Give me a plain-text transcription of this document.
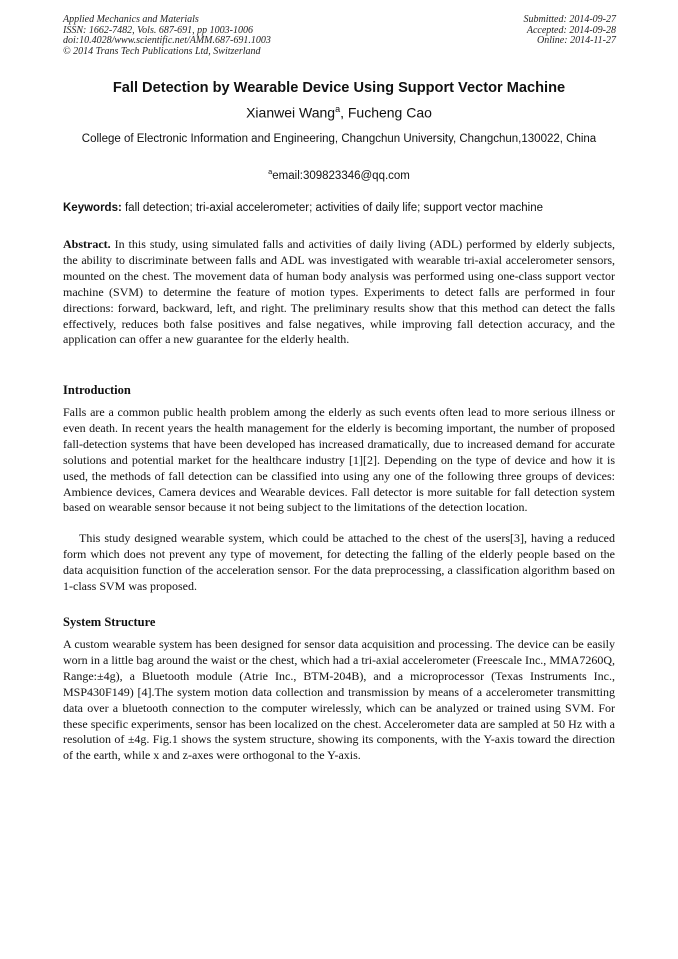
Applied Mechanics and Materials
ISSN: 1662-7482, Vols. 687-691, pp 1003-1006
doi:10.4028/www.scientific.net/AMM.687-691.1003
© 2014 Trans Tech Publications Ltd, Switzerland
Submitted: 2014-09-27
Accepted: 2014-09-28
Online: 2014-11-27
Fall Detection by Wearable Device Using Support Vector Machine
Xianwei Wang$^a$, Fucheng Cao
College of Electronic Information and Engineering, Changchun University, Changchun,130022, China
$^a$email:309823346@qq.com
Keywords: fall detection; tri-axial accelerometer; activities of daily life; support vector machine
Abstract. In this study, using simulated falls and activities of daily living (ADL) performed by elderly subjects, the ability to discriminate between falls and ADL was investigated with wearable tri-axial accelerometer sensors, mounted on the chest. The movement data of human body analysis was performed using one-class support vector machine (SVM) to determine the feature of motion types. Experiments to detect falls are performed in four directions: forward, backward, left, and right. The preliminary results show that this method can detect the falls effectively, reduces both false positives and false negatives, while improving fall detection accuracy, and the application can offer a new guarantee for the elderly health.
Introduction
Falls are a common public health problem among the elderly as such events often lead to more serious illness or even death. In recent years the health management for the elderly is becoming important, the number of proposed fall-detection systems that have been developed has increased dramatically, due to increased demand for accurate solutions and potential market for the healthcare industry [1][2]. Depending on the type of device and how it is used, the methods of fall detection can be classified into using any one of the following three groups of devices: Ambience devices, Camera devices and Wearable devices. Fall detector is more suitable for fall detection system based on wearable sensor because it not being subject to the limitations of the detection location.
This study designed wearable system, which could be attached to the chest of the users[3], having a reduced form which does not prevent any type of movement, for detecting the falling of the elderly people based on the data acquisition function of the acceleration sensor. For the data preprocessing, a classification algorithm based on 1-class SVM was proposed.
System Structure
A custom wearable system has been designed for sensor data acquisition and processing. The device can be easily worn in a little bag around the waist or the chest, which had a tri-axial accelerometer (Freescale Inc., MMA7260Q, Range:±4g), a Bluetooth module (Atrie Inc., BTM-204B), and a microprocessor (Texas Instruments Inc., MSP430F149) [4].The system motion data collection and transmission by means of a accelerometer transmitting data over a bluetooth connection to the computer wirelessly, which can be analyzed or trained using SVM. For these specific experiments, sensor has been localized on the chest. Accelerometer data are sampled at 50 Hz with a resolution of ±4g. Fig.1 shows the system structure, showing its components, with the Y-axis toward the direction of the earth, while x and z-axes were orthogonal to the Y-axis.
